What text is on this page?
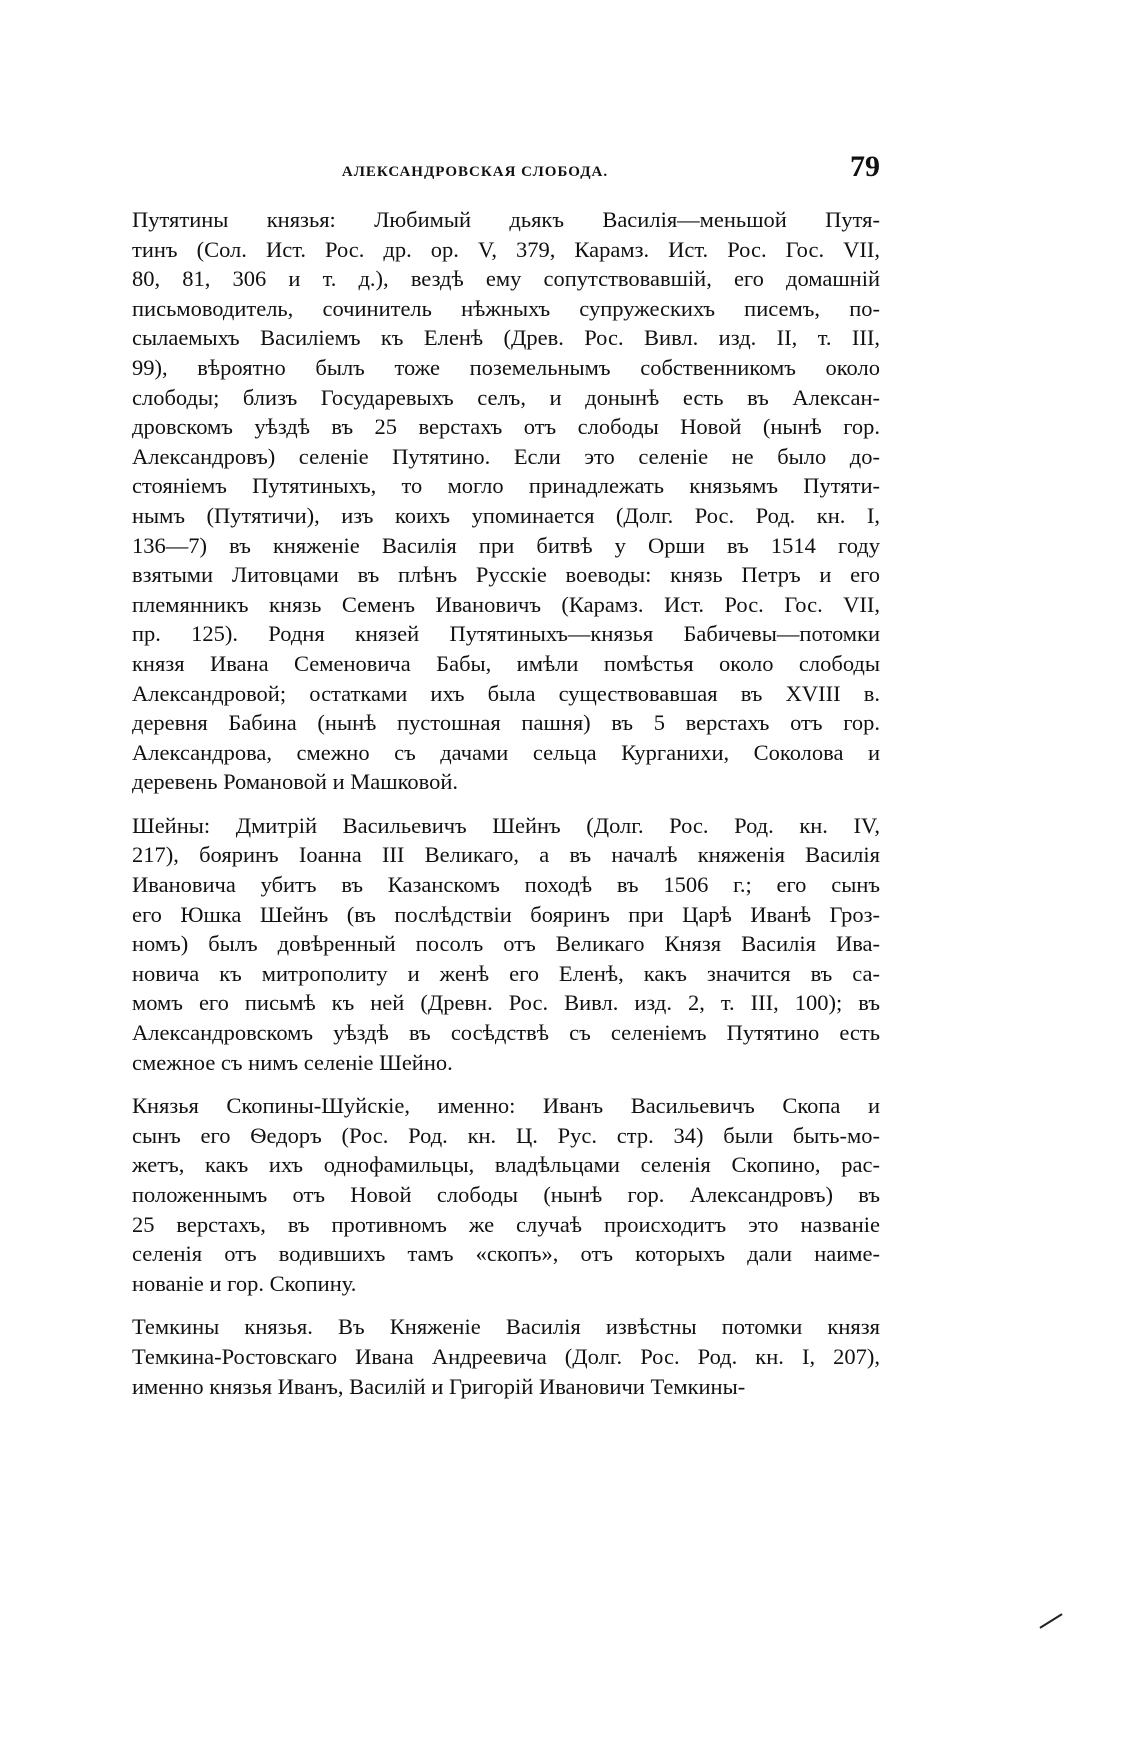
АЛЕКСАНДРОВСКАЯ СЛОБОДА.	79
Путятины князья: Любимый дьякъ Василія—меньшой Путя-
тинъ (Сол. Ист. Рос. др. ор. V, 379, Карамз. Ист. Рос. Гос. VII,
80, 81, 306 и т. д.), вездѣ ему сопутствовавшій, его домашній
письмоводитель, сочинитель нѣжныхъ супружескихъ писемъ, по-
сылаемыхъ Василіемъ къ Еленѣ (Древ. Рос. Вивл. изд. II, т. III,
99), вѣроятно былъ тоже поземельнымъ собственникомъ около
слободы; близъ Государевыхъ селъ, и донынѣ есть въ Алексан-
дровскомъ уѣздѣ въ 25 верстахъ отъ слободы Новой (нынѣ гор.
Александровъ) селеніе Путятино. Если это селеніе не было до-
стояніемъ Путятиныхъ, то могло принадлежать князьямъ Путяти-
нымъ (Путятичи), изъ коихъ упоминается (Долг. Рос. Род. кн. I,
136—7) въ княженіе Василія при битвѣ у Орши въ 1514 году
взятыми Литовцами въ плѣнъ Русскіе воеводы: князь Петръ и его
племянникъ князь Семенъ Ивановичъ (Карамз. Ист. Рос. Гос. VII,
пр. 125). Родня князей Путятиныхъ—князья Бабичевы—потомки
князя Ивана Семеновича Бабы, имѣли помѣстья около слободы
Александровой; остатками ихъ была существовавшая въ XVIII в.
деревня Бабина (нынѣ пустошная пашня) въ 5 верстахъ отъ гор.
Александрова, смежно съ дачами сельца Курганихи, Соколова и
деревень Романовой и Машковой.
Шейны: Дмитрій Васильевичъ Шейнъ (Долг. Рос. Род. кн. IV,
217), бояринъ Іоанна III Великаго, а въ началѣ княженія Василія
Ивановича убитъ въ Казанскомъ походѣ въ 1506 г.; его сынъ
его Юшка Шейнъ (въ послѣдствіи бояринъ при Царѣ Иванѣ Гроз-
номъ) былъ довѣренный посолъ отъ Великаго Князя Василія Ива-
новича къ митрополиту и женѣ его Еленѣ, какъ значится въ са-
момъ его письмѣ къ ней (Древн. Рос. Вивл. изд. 2, т. III, 100); въ
Александровскомъ уѣздѣ въ сосѣдствѣ съ селеніемъ Путятино есть
смежное съ нимъ селеніе Шейно.
Князья Скопины-Шуйскіе, именно: Иванъ Васильевичъ Скопа и
сынъ его Ѳедоръ (Рос. Род. кн. Ц. Рус. стр. 34) были быть-мо-
жетъ, какъ ихъ однофамильцы, владѣльцами селенія Скопино, рас-
положеннымъ отъ Новой слободы (нынѣ гор. Александровъ) въ
25 верстахъ, въ противномъ же случаѣ происходитъ это названіе
селенія отъ водившихъ тамъ «скопъ», отъ которыхъ дали наиме-
нованіе и гор. Скопину.
Темкины князья. Въ Княженіе Василія извѣстны потомки князя
Темкина-Ростовскаго Ивана Андреевича (Долг. Рос. Род. кн. I, 207),
именно князья Иванъ, Василій и Григорій Ивановичи Темкины-
